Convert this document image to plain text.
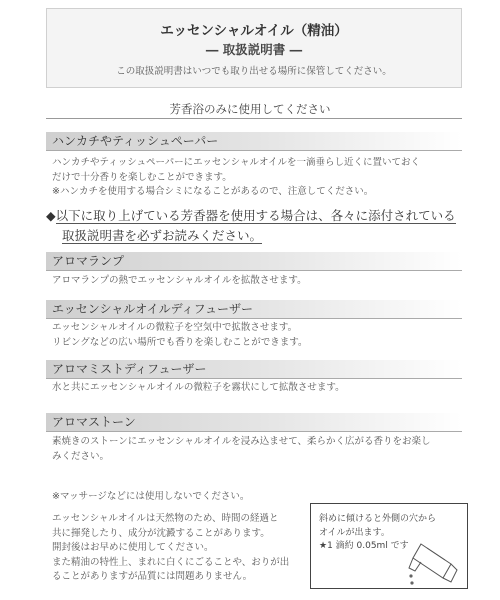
エッセンシャルオイル（精油）
― 取扱説明書 ―
この取扱説明書はいつでも取り出せる場所に保管してください。
芳香浴のみに使用してください
ハンカチやティッシュペーパー
ハンカチやティッシュペーパーにエッセンシャルオイルを一滴垂らし近くに置いておく
だけで十分香りを楽しむことができます。
※ハンカチを使用する場合シミになることがあるので、注意してください。
◆以下に取り上げている芳香器を使用する場合は、各々に添付されている
取扱説明書を必ずお読みください。
アロマランプ
アロマランプの熱でエッセンシャルオイルを拡散させます。
エッセンシャルオイルディフューザー
エッセンシャルオイルの微粒子を空気中で拡散させます。
リビングなどの広い場所でも香りを楽しむことができます。
アロマミストディフューザー
水と共にエッセンシャルオイルの微粒子を霧状にして拡散させます。
アロマストーン
素焼きのストーンにエッセンシャルオイルを浸み込ませて、柔らかく広がる香りをお楽し
みください。
※マッサージなどには使用しないでください。
エッセンシャルオイルは天然物のため、時間の経過と
共に揮発したり、成分が沈澱することがあります。
開封後はお早めに使用してください。
また精油の特性上、まれに白くにごることや、おりが出
ることがありますが品質には問題ありません。
斜めに傾けると外側の穴から
オイルが出ます。
★1 滴約 0.05ml です
